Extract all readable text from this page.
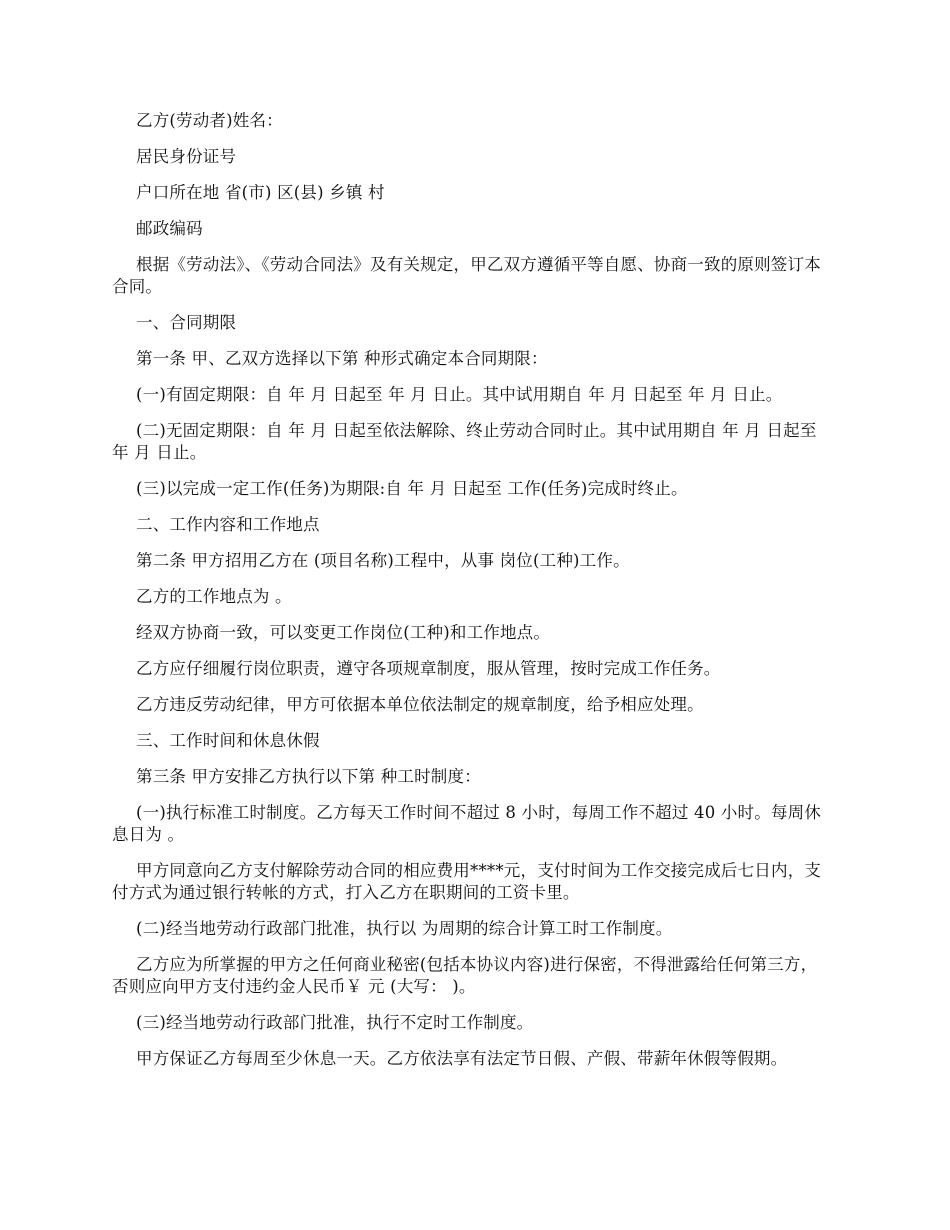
乙方(劳动者)姓名：

居民身份证号

户口所在地 省(市) 区(县) 乡镇 村

邮政编码

根据《劳动法》、《劳动合同法》及有关规定，甲乙双方遵循平等自愿、协商一致的原则签订本合同。

一、合同期限

第一条 甲、乙双方选择以下第 种形式确定本合同期限：

(一)有固定期限：自 年 月 日起至 年 月 日止。其中试用期自 年 月 日起至 年 月 日止。

(二)无固定期限：自 年 月 日起至依法解除、终止劳动合同时止。其中试用期自 年 月 日起至 年 月 日止。

(三)以完成一定工作(任务)为期限:自 年 月 日起至 工作(任务)完成时终止。

二、工作内容和工作地点

第二条 甲方招用乙方在 (项目名称)工程中，从事 岗位(工种)工作。

乙方的工作地点为 。

经双方协商一致，可以变更工作岗位(工种)和工作地点。

乙方应仔细履行岗位职责，遵守各项规章制度，服从管理，按时完成工作任务。

乙方违反劳动纪律，甲方可依据本单位依法制定的规章制度，给予相应处理。

三、工作时间和休息休假

第三条 甲方安排乙方执行以下第 种工时制度：

(一)执行标准工时制度。乙方每天工作时间不超过 8 小时，每周工作不超过 40 小时。每周休息日为 。

甲方同意向乙方支付解除劳动合同的相应费用****元，支付时间为工作交接完成后七日内，支付方式为通过银行转帐的方式，打入乙方在职期间的工资卡里。

(二)经当地劳动行政部门批准，执行以 为周期的综合计算工时工作制度。

乙方应为所掌握的甲方之任何商业秘密(包括本协议内容)进行保密，不得泄露给任何第三方，否则应向甲方支付违约金人民币￥ 元 (大写： )。

(三)经当地劳动行政部门批准，执行不定时工作制度。

甲方保证乙方每周至少休息一天。乙方依法享有法定节日假、产假、带薪年休假等假期。
